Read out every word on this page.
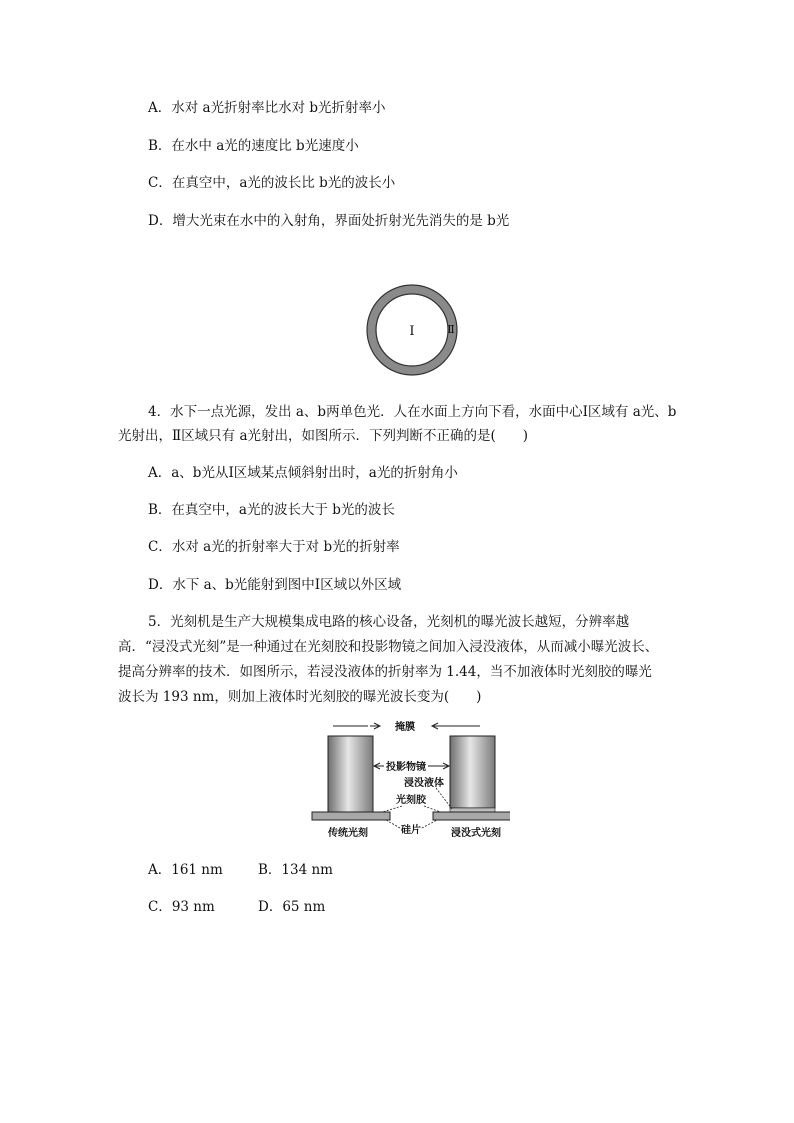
A．水对 a光折射率比水对 b光折射率小
B．在水中 a光的速度比 b光速度小
C．在真空中，a光的波长比 b光的波长小
D．增大光束在水中的入射角，界面处折射光先消失的是 b光
Ⅰ	Ⅱ
4．水下一点光源，发出 a、b两单色光．人在水面上方向下看，水面中心Ⅰ区域有 a光、b
光射出，Ⅱ区域只有 a光射出，如图所示．下列判断不正确的是(　　)
A．a、b光从Ⅰ区域某点倾斜射出时，a光的折射角小
B．在真空中，a光的波长大于 b光的波长
C．水对 a光的折射率大于对 b光的折射率
D．水下 a、b光能射到图中Ⅰ区域以外区域
5．光刻机是生产大规模集成电路的核心设备，光刻机的曝光波长越短，分辨率越
高．“浸没式光刻”是一种通过在光刻胶和投影物镜之间加入浸没液体，从而减小曝光波长、
提高分辨率的技术．如图所示，若浸没液体的折射率为 1.44，当不加液体时光刻胶的曝光
波长为 193 nm，则加上液体时光刻胶的曝光波长变为(　　)
掩膜
投影物镜
浸没液体
光刻胶
硅片
传统光刻	浸没式光刻
A．161 nm	B．134 nm
C．93 nm	D．65 nm
